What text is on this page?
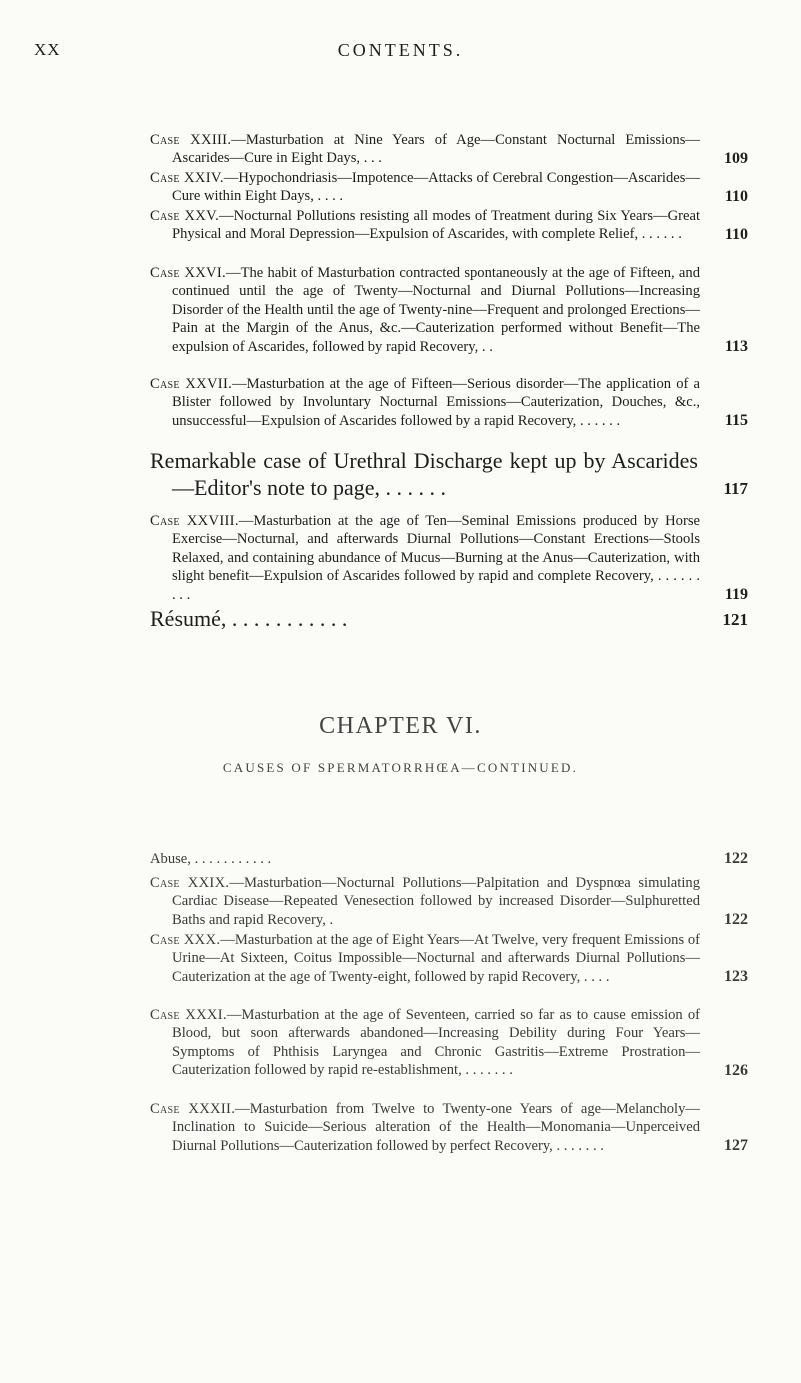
XX	CONTENTS.
Case XXIII.—Masturbation at Nine Years of Age—Constant Nocturnal Emissions—Ascarides—Cure in Eight Days, . . .	109
Case XXIV.—Hypochondriasis—Impotence—Attacks of Cerebral Congestion—Ascarides—Cure within Eight Days, . . . .	110
Case XXV.—Nocturnal Pollutions resisting all modes of Treatment during Six Years—Great Physical and Moral Depression—Expulsion of Ascarides, with complete Relief, . . . . . .	110
Case XXVI.—The habit of Masturbation contracted spontaneously at the age of Fifteen, and continued until the age of Twenty—Nocturnal and Diurnal Pollutions—Increasing Disorder of the Health until the age of Twenty-nine—Frequent and prolonged Erections—Pain at the Margin of the Anus, &c.—Cauterization performed without Benefit—The expulsion of Ascarides, followed by rapid Recovery, . .	113
Case XXVII.—Masturbation at the age of Fifteen—Serious disorder—The application of a Blister followed by Involuntary Nocturnal Emissions—Cauterization, Douches, &c., unsuccessful—Expulsion of Ascarides followed by a rapid Recovery, . . . . . .	115
Remarkable case of Urethral Discharge kept up by Ascarides —Editor's note to page, . . . . . .	117
Case XXVIII.—Masturbation at the age of Ten—Seminal Emissions produced by Horse Exercise—Nocturnal, and afterwards Diurnal Pollutions—Constant Erections—Stools Relaxed, and containing abundance of Mucus—Burning at the Anus—Cauterization, with slight benefit—Expulsion of Ascarides followed by rapid and complete Recovery, . . . . . . . . .	119
Résumé, . . . . . . . . . . .	121
Abuse, . . . . . . . . . . .	122
Case XXIX.—Masturbation—Nocturnal Pollutions—Palpitation and Dyspnœa simulating Cardiac Disease—Repeated Venesection followed by increased Disorder—Sulphuretted Baths and rapid Recovery, .	122
Case XXX.—Masturbation at the age of Eight Years—At Twelve, very frequent Emissions of Urine—At Sixteen, Coitus Impossible—Nocturnal and afterwards Diurnal Pollutions—Cauterization at the age of Twenty-eight, followed by rapid Recovery, . . . .	123
Case XXXI.—Masturbation at the age of Seventeen, carried so far as to cause emission of Blood, but soon afterwards abandoned—Increasing Debility during Four Years—Symptoms of Phthisis Laryngea and Chronic Gastritis—Extreme Prostration—Cauterization followed by rapid re-establishment, . . . . . . .	126
Case XXXII.—Masturbation from Twelve to Twenty-one Years of age—Melancholy—Inclination to Suicide—Serious alteration of the Health—Monomania—Unperceived Diurnal Pollutions—Cauterization followed by perfect Recovery, . . . . . . .	127
CHAPTER VI.
CAUSES OF SPERMATORRHŒA—CONTINUED.
